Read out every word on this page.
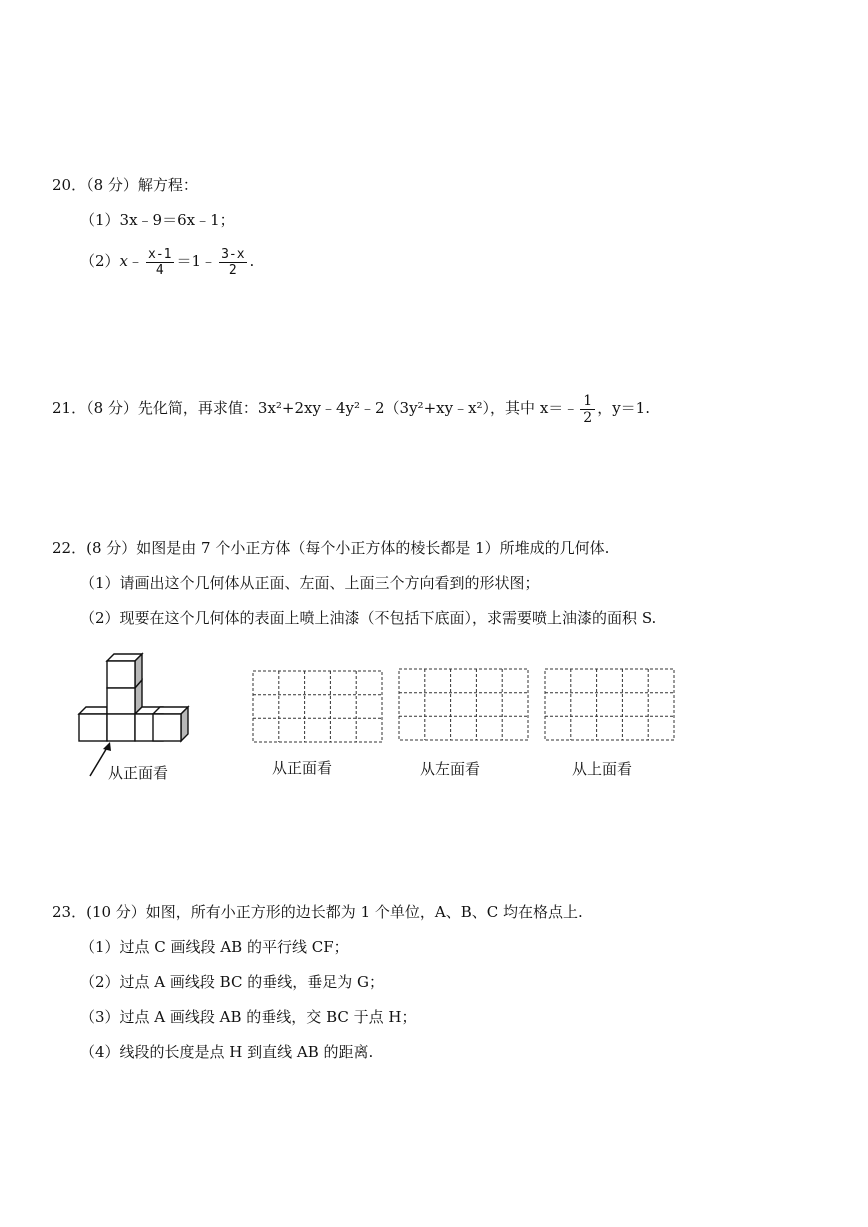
20．（8 分）解方程：
（1）3x﹣9＝6x﹣1；
（2）x﹣ $\frac{x-1}{4}$ ＝1﹣ $\frac{3-x}{2}$ .
21．（8 分）先化简，再求值：3x²+2xy﹣4y²﹣2（3y²+xy﹣x²），其中 x＝﹣ $\frac{1}{2}$ ，y＝1.
22．(8 分）如图是由 7 个小正方体（每个小正方体的棱长都是 1）所堆成的几何体.
（1）请画出这个几何体从正面、左面、上面三个方向看到的形状图；
（2）现要在这个几何体的表面上喷上油漆（不包括下底面），求需要喷上油漆的面积 S.
从正面看	从正面看	从左面看	从上面看
23．(10 分）如图，所有小正方形的边长都为 1 个单位，A、B、C 均在格点上.
（1）过点 C 画线段 AB 的平行线 CF；
（2）过点 A 画线段 BC 的垂线，垂足为 G；
（3）过点 A 画线段 AB 的垂线，交 BC 于点 H；
（4）线段的长度是点 H 到直线 AB 的距离.
